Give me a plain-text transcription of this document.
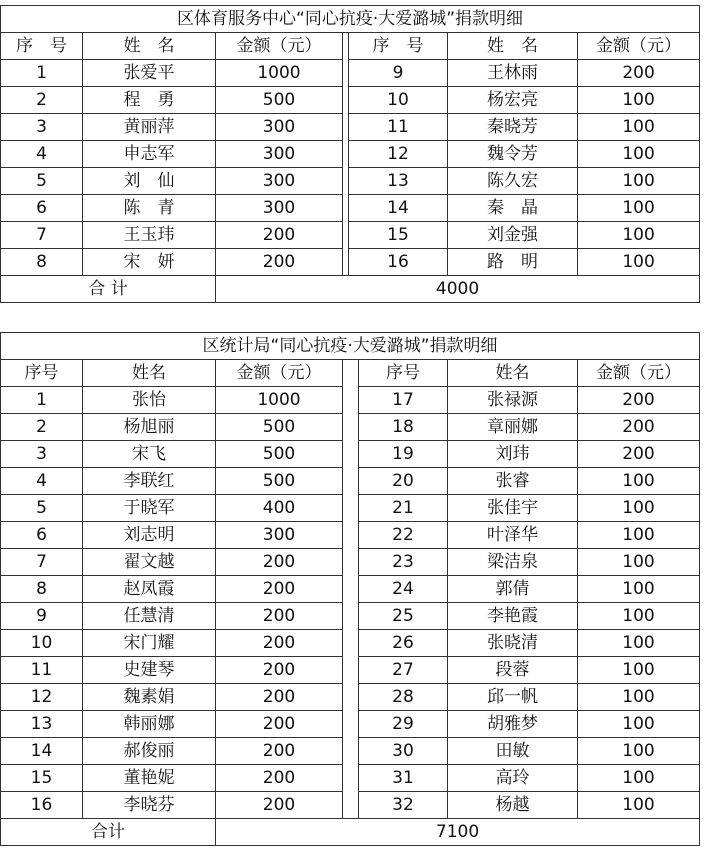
区体育服务中心“同心抗疫·大爱潞城”捐款明细						
序　号	姓　名	金额（元）		序　号	姓　名	金额（元）
1	张爱平	1000		9	王林雨	200
2	程　勇	500		10	杨宏亮	100
3	黄丽萍	300		11	秦晓芳	100
4	申志军	300		12	魏令芳	100
5	刘　仙	300		13	陈久宏	100
6	陈　青	300		14	秦　晶	100
7	王玉玮	200		15	刘金强	100
8	宋　妍	200		16	路　明	100
合 计		4000				
区统计局“同心抗疫·大爱潞城”捐款明细						
序号	姓名	金额（元）		序号	姓名	金额（元）
1	张怡	1000		17	张禄源	200
2	杨旭丽	500		18	章丽娜	200
3	宋飞	500		19	刘玮	200
4	李联红	500		20	张睿	100
5	于晓军	400		21	张佳宇	100
6	刘志明	300		22	叶泽华	100
7	翟文越	200		23	梁洁泉	100
8	赵凤霞	200		24	郭倩	100
9	任慧清	200		25	李艳霞	100
10	宋门耀	200		26	张晓清	100
11	史建琴	200		27	段蓉	100
12	魏素娟	200		28	邱一帆	100
13	韩丽娜	200		29	胡雅梦	100
14	郝俊丽	200		30	田敏	100
15	董艳妮	200		31	高玲	100
16	李晓芬	200		32	杨越	100
合计		7100				
